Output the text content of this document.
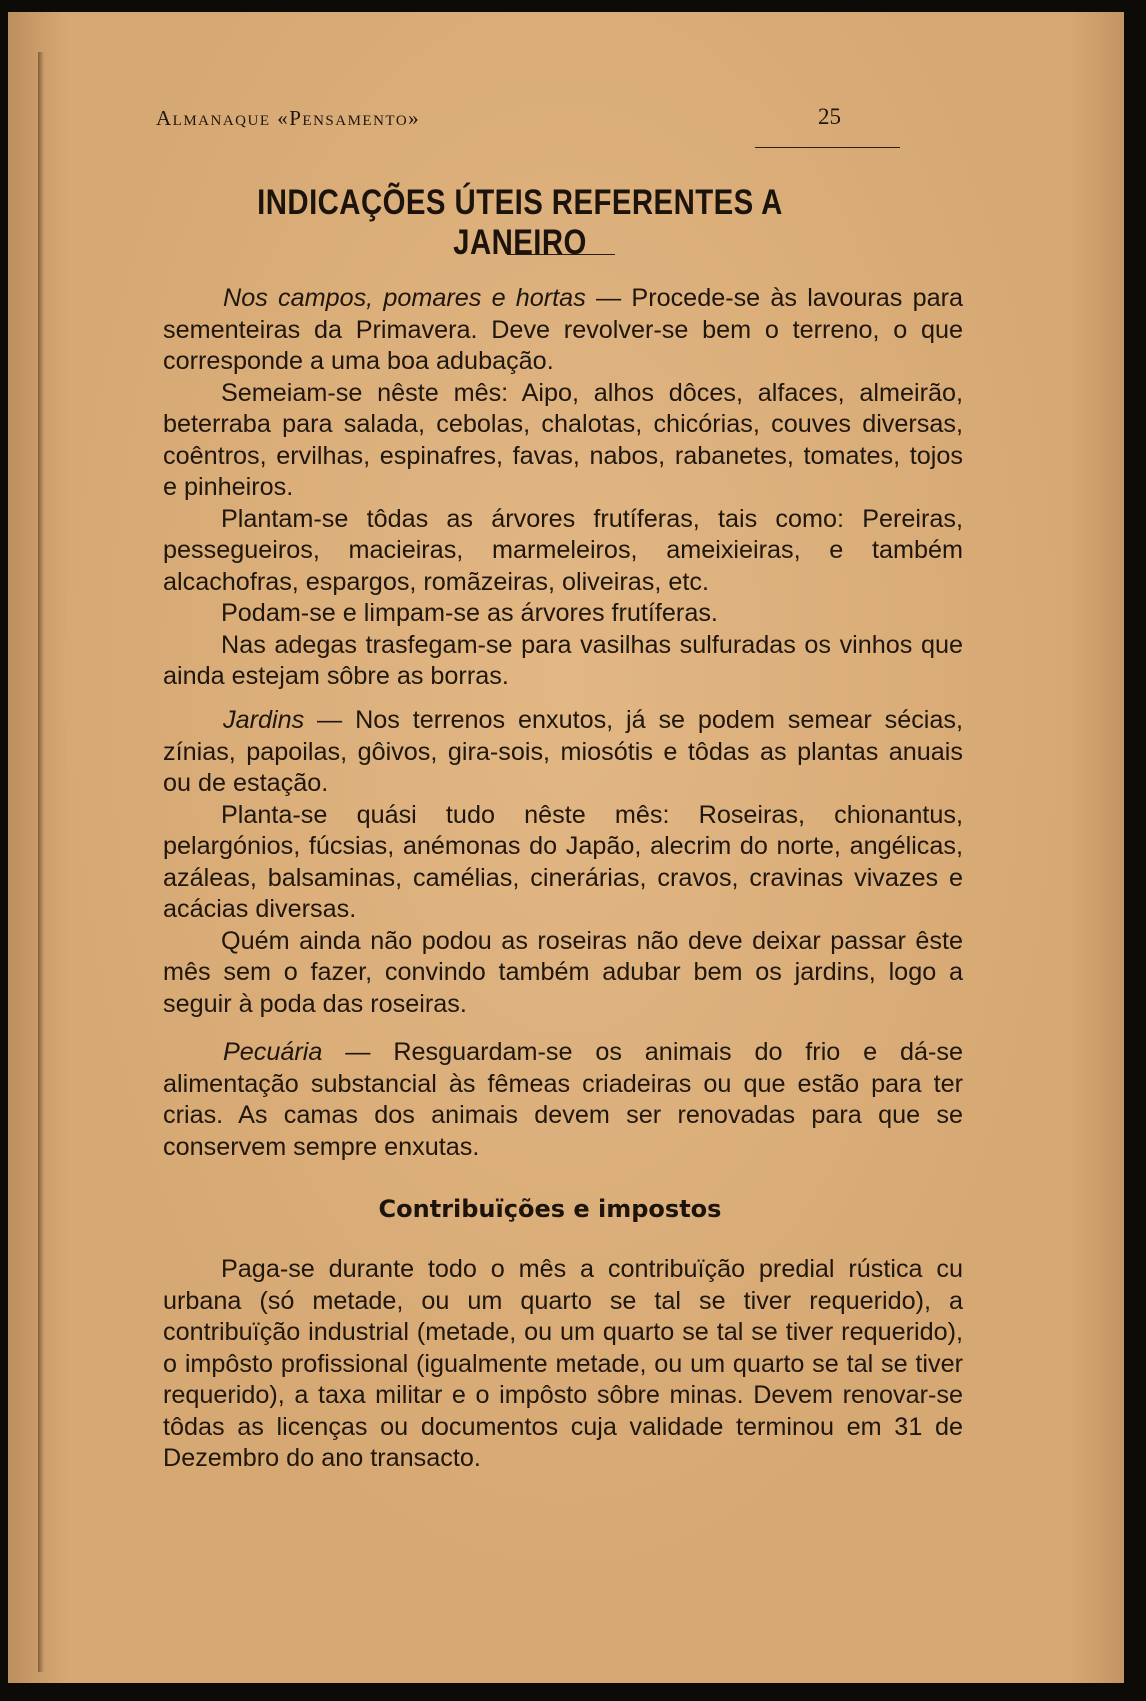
Almanaque «Pensamento»	25
INDICAÇÕES ÚTEIS REFERENTES A JANEIRO

Nos campos, pomares e hortas — Procede-se às lavouras para sementeiras da Primavera. Deve revolver-se bem o terreno, o que corresponde a uma boa adubação.

Semeiam-se nêste mês: Aipo, alhos dôces, alfaces, almeirão, beterraba para salada, cebolas, chalotas, chicórias, couves diversas, coêntros, ervilhas, espinafres, favas, nabos, rabanetes, tomates, tojos e pinheiros.

Plantam-se tôdas as árvores frutíferas, tais como: Pereiras, pessegueiros, macieiras, marmeleiros, ameixieiras, e também alcachofras, espargos, romãzeiras, oliveiras, etc.

Podam-se e limpam-se as árvores frutíferas.

Nas adegas trasfegam-se para vasilhas sulfuradas os vinhos que ainda estejam sôbre as borras.

Jardins — Nos terrenos enxutos, já se podem semear sécias, zínias, papoilas, gôivos, gira-sois, miosótis e tôdas as plantas anuais ou de estação.

Planta-se quási tudo nêste mês: Roseiras, chionantus, pelargónios, fúcsias, anémonas do Japão, alecrim do norte, angélicas, azáleas, balsaminas, camélias, cinerárias, cravos, cravinas vivazes e acácias diversas.

Quém ainda não podou as roseiras não deve deixar passar êste mês sem o fazer, convindo também adubar bem os jardins, logo a seguir à poda das roseiras.

Pecuária — Resguardam-se os animais do frio e dá-se alimentação substancial às fêmeas criadeiras ou que estão para ter crias. As camas dos animais devem ser renovadas para que se conservem sempre enxutas.

Contribuïções e impostos

Paga-se durante todo o mês a contribuïção predial rústica cu urbana (só metade, ou um quarto se tal se tiver requerido), a contribuïção industrial (metade, ou um quarto se tal se tiver requerido), o impôsto profissional (igualmente metade, ou um quarto se tal se tiver requerido), a taxa militar e o impôsto sôbre minas. Devem renovar-se tôdas as licenças ou documentos cuja validade terminou em 31 de Dezembro do ano transacto.
